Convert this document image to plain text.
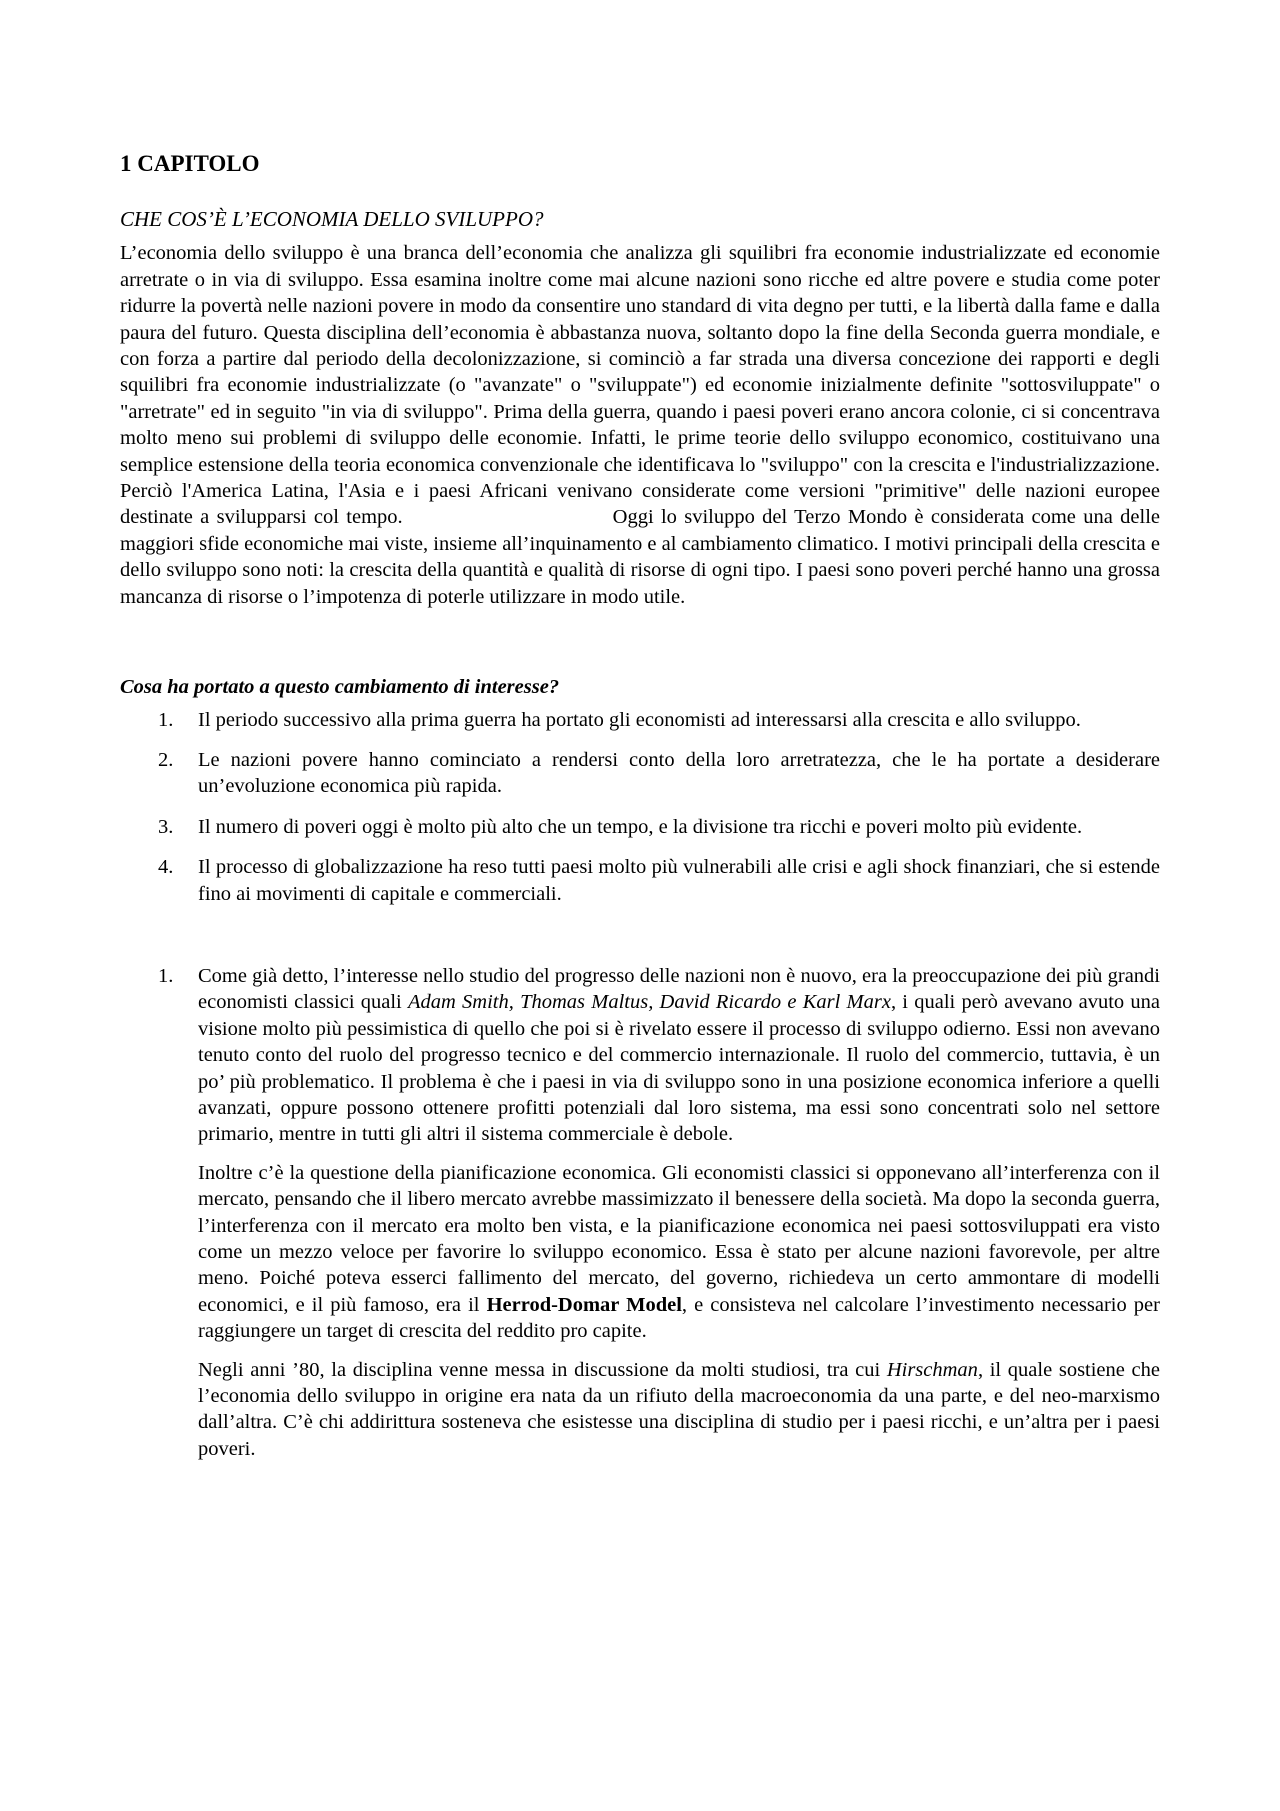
1 CAPITOLO
CHE COS’È L’ECONOMIA DELLO SVILUPPO?

L’economia dello sviluppo è una branca dell’economia che analizza gli squilibri fra economie industrializzate ed economie arretrate o in via di sviluppo. Essa esamina inoltre come mai alcune nazioni sono ricche ed altre povere e studia come poter ridurre la povertà nelle nazioni povere in modo da consentire uno standard di vita degno per tutti, e la libertà dalla fame e dalla paura del futuro. Questa disciplina dell’economia è abbastanza nuova, soltanto dopo la fine della Seconda guerra mondiale, e con forza a partire dal periodo della decolonizzazione, si cominciò a far strada una diversa concezione dei rapporti e degli squilibri fra economie industrializzate (o "avanzate" o "sviluppate") ed economie inizialmente definite "sottosviluppate" o "arretrate" ed in seguito "in via di sviluppo". Prima della guerra, quando i paesi poveri erano ancora colonie, ci si concentrava molto meno sui problemi di sviluppo delle economie. Infatti, le prime teorie dello sviluppo economico, costituivano una semplice estensione della teoria economica convenzionale che identificava lo "sviluppo" con la crescita e l'industrializzazione. Perciò l'America Latina, l'Asia e i paesi Africani venivano considerate come versioni "primitive" delle nazioni europee destinate a svilupparsi col tempo.	Oggi lo sviluppo del Terzo Mondo è considerata come una delle maggiori sfide economiche mai viste, insieme all’inquinamento e al cambiamento climatico. I motivi principali della crescita e dello sviluppo sono noti: la crescita della quantità e qualità di risorse di ogni tipo. I paesi sono poveri perché hanno una grossa mancanza di risorse o l’impotenza di poterle utilizzare in modo utile.

Cosa ha portato a questo cambiamento di interesse?
1. Il periodo successivo alla prima guerra ha portato gli economisti ad interessarsi alla crescita e allo sviluppo.
2. Le nazioni povere hanno cominciato a rendersi conto della loro arretratezza, che le ha portate a desiderare un’evoluzione economica più rapida.
3. Il numero di poveri oggi è molto più alto che un tempo, e la divisione tra ricchi e poveri molto più evidente.
4. Il processo di globalizzazione ha reso tutti paesi molto più vulnerabili alle crisi e agli shock finanziari, che si estende fino ai movimenti di capitale e commerciali.
1. Come già detto, l’interesse nello studio del progresso delle nazioni non è nuovo, era la preoccupazione dei più grandi economisti classici quali Adam Smith, Thomas Maltus, David Ricardo e Karl Marx, i quali però avevano avuto una visione molto più pessimistica di quello che poi si è rivelato essere il processo di sviluppo odierno. Essi non avevano tenuto conto del ruolo del progresso tecnico e del commercio internazionale. Il ruolo del commercio, tuttavia, è un po’ più problematico. Il problema è che i paesi in via di sviluppo sono in una posizione economica inferiore a quelli avanzati, oppure possono ottenere profitti potenziali dal loro sistema, ma essi sono concentrati solo nel settore primario, mentre in tutti gli altri il sistema commerciale è debole.

Inoltre c’è la questione della pianificazione economica. Gli economisti classici si opponevano all’interferenza con il mercato, pensando che il libero mercato avrebbe massimizzato il benessere della società. Ma dopo la seconda guerra, l’interferenza con il mercato era molto ben vista, e la pianificazione economica nei paesi sottosviluppati era visto come un mezzo veloce per favorire lo sviluppo economico. Essa è stato per alcune nazioni favorevole, per altre meno. Poiché poteva esserci fallimento del mercato, del governo, richiedeva un certo ammontare di modelli economici, e il più famoso, era il Herrod-Domar Model, e consisteva nel calcolare l’investimento necessario per raggiungere un target di crescita del reddito pro capite.

Negli anni ’80, la disciplina venne messa in discussione da molti studiosi, tra cui Hirschman, il quale sostiene che l’economia dello sviluppo in origine era nata da un rifiuto della macroeconomia da una parte, e del neo-marxismo dall’altra. C’è chi addirittura sosteneva che esistesse una disciplina di studio per i paesi ricchi, e un’altra per i paesi poveri.
